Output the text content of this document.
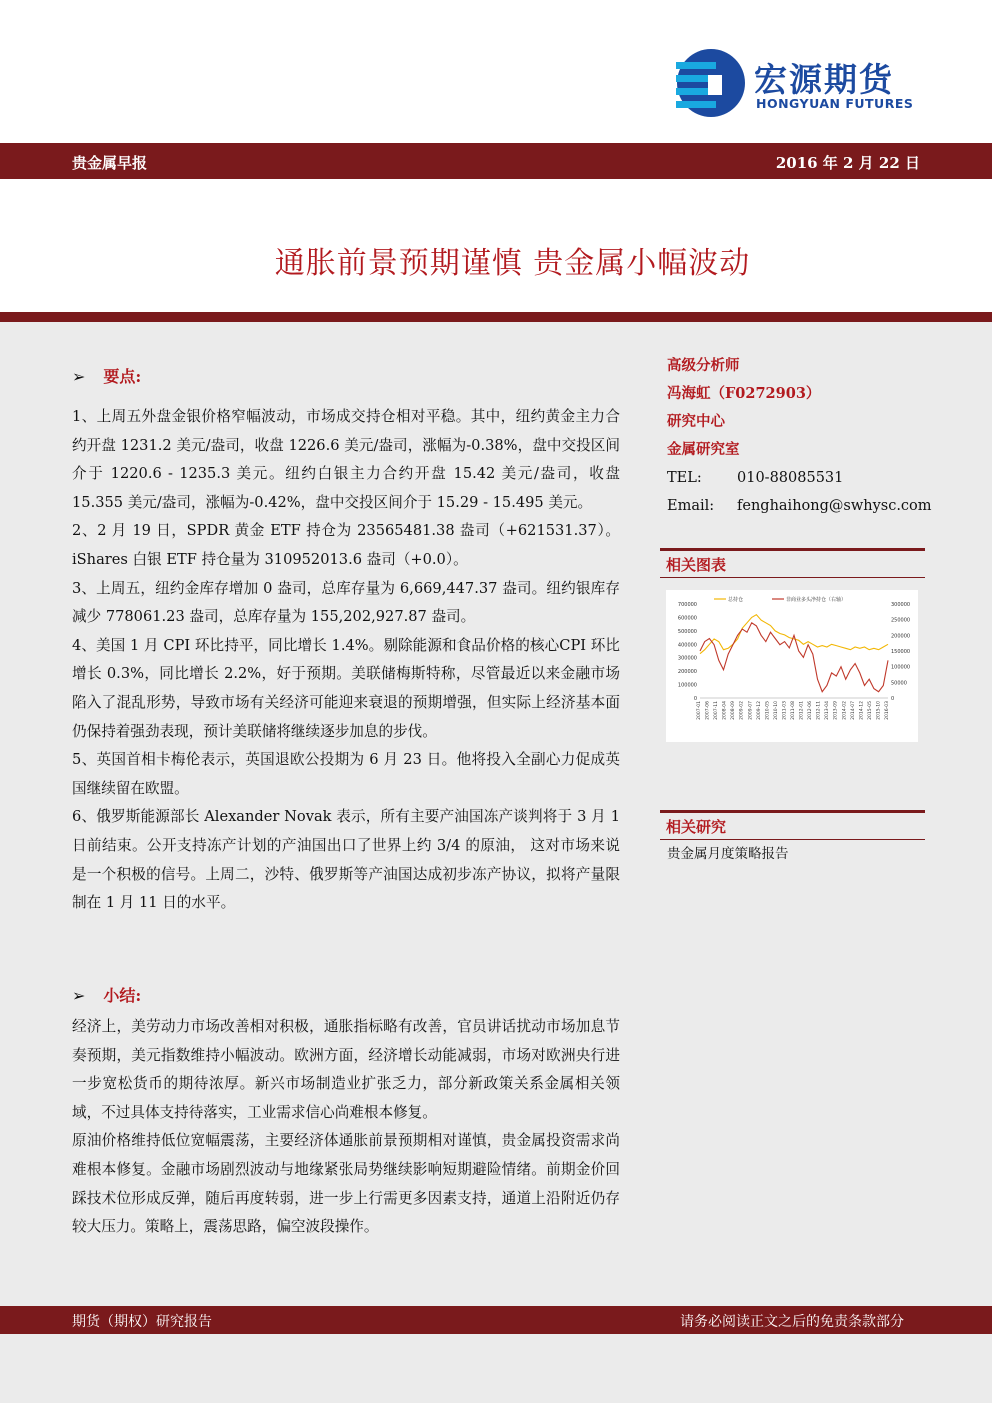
宏源期货
HONGYUAN FUTURES
贵金属早报	2016 年 2 月 22 日
通胀前景预期谨慎 贵金属小幅波动
➢ 要点:

1、上周五外盘金银价格窄幅波动，市场成交持仓相对平稳。其中，纽约黄金主力合约开盘 1231.2 美元/盎司，收盘 1226.6 美元/盎司，涨幅为-0.38%，盘中交投区间介于 1220.6 - 1235.3 美元。纽约白银主力合约开盘 15.42 美元/盎司，收盘 15.355 美元/盎司，涨幅为-0.42%，盘中交投区间介于 15.29 - 15.495 美元。

2、2 月 19 日，SPDR 黄金 ETF 持仓为 23565481.38 盎司（+621531.37）。iShares 白银 ETF 持仓量为 310952013.6 盎司（+0.0）。

3、上周五，纽约金库存增加 0 盎司，总库存量为 6,669,447.37 盎司。纽约银库存减少 778061.23 盎司，总库存量为 155,202,927.87 盎司。

4、美国 1 月 CPI 环比持平，同比增长 1.4%。剔除能源和食品价格的核心CPI 环比增长 0.3%，同比增长 2.2%，好于预期。美联储梅斯特称，尽管最近以来金融市场陷入了混乱形势，导致市场有关经济可能迎来衰退的预期增强，但实际上经济基本面仍保持着强劲表现，预计美联储将继续逐步加息的步伐。

5、英国首相卡梅伦表示，英国退欧公投期为 6 月 23 日。他将投入全副心力促成英国继续留在欧盟。

6、俄罗斯能源部长 Alexander Novak 表示，所有主要产油国冻产谈判将于 3 月 1 日前结束。公开支持冻产计划的产油国出口了世界上约 3/4 的原油， 这对市场来说是一个积极的信号。上周二，沙特、俄罗斯等产油国达成初步冻产协议，拟将产量限制在 1 月 11 日的水平。

➢ 小结:

经济上，美劳动力市场改善相对积极，通胀指标略有改善，官员讲话扰动市场加息节奏预期，美元指数维持小幅波动。欧洲方面，经济增长动能减弱，市场对欧洲央行进一步宽松货币的期待浓厚。新兴市场制造业扩张乏力，部分新政策关系金属相关领域，不过具体支持待落实，工业需求信心尚难根本修复。

原油价格维持低位宽幅震荡，主要经济体通胀前景预期相对谨慎，贵金属投资需求尚难根本修复。金融市场剧烈波动与地缘紧张局势继续影响短期避险情绪。前期金价回踩技术位形成反弹，随后再度转弱，进一步上行需更多因素支持，通道上沿附近仍存较大压力。策略上，震荡思路，偏空波段操作。

高级分析师
冯海虹（F0272903）
研究中心
金属研究室
TEL: 010-88085531
Email: fenghaihong@swhysc.com
相关图表
700000
600000
500000
400000
300000
200000
100000
0
300000
250000
200000
150000
100000
50000
0
2007-01 2007-06 2007-11 2008-04 2008-09 2009-02 2009-07 2009-12 2010-05 2010-10 2011-03 2011-08 2012-01 2012-06 2012-11 2013-04 2013-09 2014-02 2014-07 2014-12 2015-05 2015-10 2016-03
总持仓	非商业多头净持仓（右轴）
相关研究
贵金属月度策略报告
期货（期权）研究报告	请务必阅读正文之后的免责条款部分
